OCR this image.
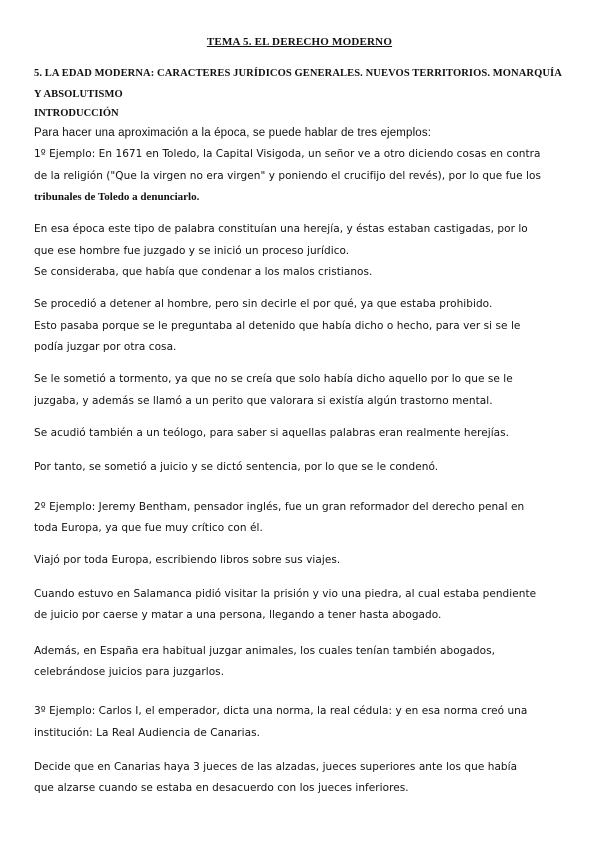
TEMA 5. EL DERECHO MODERNO
5. LA EDAD MODERNA: CARACTERES JURÍDICOS GENERALES. NUEVOS TERRITORIOS. MONARQUÍA
Y ABSOLUTISMO
INTRODUCCIÓN
Para hacer una aproximación a la época, se puede hablar de tres ejemplos:
1º Ejemplo: En 1671 en Toledo, la Capital Visigoda, un señor ve a otro diciendo cosas en contra
de la religión ("Que la virgen no era virgen" y poniendo el crucifijo del revés), por lo que fue los
tribunales de Toledo a denunciarlo.
En esa época este tipo de palabra constituían una herejía, y éstas estaban castigadas, por lo
que ese hombre fue juzgado y se inició un proceso jurídico.
Se consideraba, que había que condenar a los malos cristianos.
Se procedió a detener al hombre, pero sin decirle el por qué, ya que estaba prohibido.
Esto pasaba porque se le preguntaba al detenido que había dicho o hecho, para ver si se le
podía juzgar por otra cosa.
Se le sometió a tormento, ya que no se creía que solo había dicho aquello por lo que se le
juzgaba, y además se llamó a un perito que valorara si existía algún trastorno mental.
Se acudió también a un teólogo, para saber si aquellas palabras eran realmente herejías.
Por tanto, se sometió a juicio y se dictó sentencia, por lo que se le condenó.
2º Ejemplo: Jeremy Bentham, pensador inglés, fue un gran reformador del derecho penal en
toda Europa, ya que fue muy crítico con él.
Viajó por toda Europa, escribiendo libros sobre sus viajes.
Cuando estuvo en Salamanca pidió visitar la prisión y vio una piedra, al cual estaba pendiente
de juicio por caerse y matar a una persona, llegando a tener hasta abogado.
Además, en España era habitual juzgar animales, los cuales tenían también abogados,
celebrándose juicios para juzgarlos.
3º Ejemplo: Carlos I, el emperador, dicta una norma, la real cédula: y en esa norma creó una
institución: La Real Audiencia de Canarias.
Decide que en Canarias haya 3 jueces de las alzadas, jueces superiores ante los que había
que alzarse cuando se estaba en desacuerdo con los jueces inferiores.
